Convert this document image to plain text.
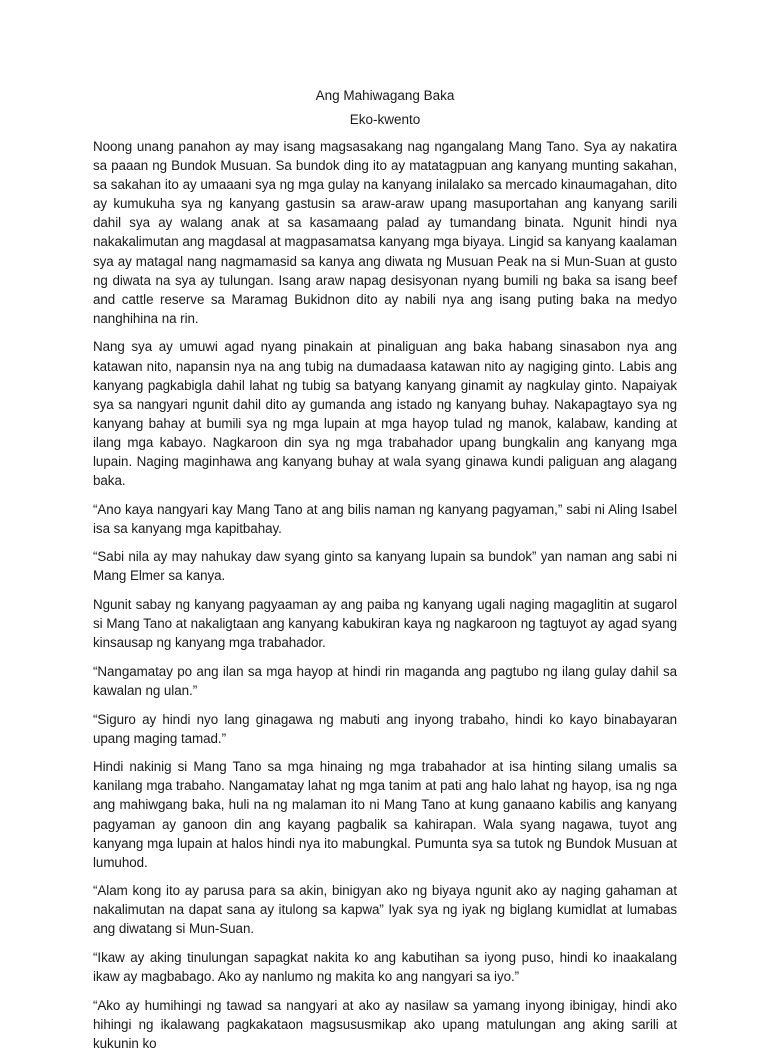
Ang Mahiwagang Baka
Eko-kwento

Noong unang panahon ay may isang magsasakang nag ngangalang Mang Tano. Sya ay nakatira sa paaan ng Bundok Musuan. Sa bundok ding ito ay matatagpuan ang kanyang munting sakahan, sa sakahan ito ay umaaani sya ng mga gulay na kanyang inilalako sa mercado kinaumagahan, dito ay kumukuha sya ng kanyang gastusin sa araw-araw upang masuportahan ang kanyang sarili dahil sya ay walang anak at sa kasamaang palad ay tumandang binata. Ngunit hindi nya nakakalimutan ang magdasal at magpasamatsa kanyang mga biyaya. Lingid sa kanyang kaalaman sya ay matagal nang nagmamasid sa kanya ang diwata ng Musuan Peak na si Mun-Suan at gusto ng diwata na sya ay tulungan. Isang araw napag desisyonan nyang bumili ng baka sa isang beef and cattle reserve sa Maramag Bukidnon dito ay nabili nya ang isang puting baka na medyo nanghihina na rin.

Nang sya ay umuwi agad nyang pinakain at pinaliguan ang baka habang sinasabon nya ang katawan nito, napansin nya na ang tubig na dumadaasa katawan nito ay nagiging ginto. Labis ang kanyang pagkabigla dahil lahat ng tubig sa batyang kanyang ginamit ay nagkulay ginto. Napaiyak sya sa nangyari ngunit dahil dito ay gumanda ang istado ng kanyang buhay. Nakapagtayo sya ng kanyang bahay at bumili sya ng mga lupain at mga hayop tulad ng manok, kalabaw, kanding at ilang mga kabayo. Nagkaroon din sya ng mga trabahador upang bungkalin ang kanyang mga lupain. Naging maginhawa ang kanyang buhay at wala syang ginawa kundi paliguan ang alagang baka.

“Ano kaya nangyari kay Mang Tano at ang bilis naman ng kanyang pagyaman,” sabi ni Aling Isabel isa sa kanyang mga kapitbahay.

“Sabi nila ay may nahukay daw syang ginto sa kanyang lupain sa bundok” yan naman ang sabi ni Mang Elmer sa kanya.

Ngunit sabay ng kanyang pagyaaman ay ang paiba ng kanyang ugali naging magaglitin at sugarol si Mang Tano at nakaligtaan ang kanyang kabukiran kaya ng nagkaroon ng tagtuyot ay agad syang kinsausap ng kanyang mga trabahador.

“Nangamatay po ang ilan sa mga hayop at hindi rin maganda ang pagtubo ng ilang gulay dahil sa kawalan ng ulan.”

“Siguro ay hindi nyo lang ginagawa ng mabuti ang inyong trabaho, hindi ko kayo binabayaran upang maging tamad.”

Hindi nakinig si Mang Tano sa mga hinaing ng mga trabahador at isa hinting silang umalis sa kanilang mga trabaho. Nangamatay lahat ng mga tanim at pati ang halo lahat ng hayop, isa ng nga ang mahiwgang baka, huli na ng malaman ito ni Mang Tano at kung ganaano kabilis ang kanyang pagyaman ay ganoon din ang kayang pagbalik sa kahirapan. Wala syang nagawa, tuyot ang kanyang mga lupain at halos hindi nya ito mabungkal. Pumunta sya sa tutok ng Bundok Musuan at lumuhod.

“Alam kong ito ay parusa para sa akin, binigyan ako ng biyaya ngunit ako ay naging gahaman at nakalimutan na dapat sana ay itulong sa kapwa” Iyak sya ng iyak ng biglang kumidlat at lumabas ang diwatang si Mun-Suan.

“Ikaw ay aking tinulungan sapagkat nakita ko ang kabutihan sa iyong puso, hindi ko inaakalang ikaw ay magbabago. Ako ay nanlumo ng makita ko ang nangyari sa iyo.”

“Ako ay humihingi ng tawad sa nangyari at ako ay nasilaw sa yamang inyong ibinigay, hindi ako hihingi ng ikalawang pagkakataon magsususmikap ako upang matulungan ang aking sarili at kukunin ko
